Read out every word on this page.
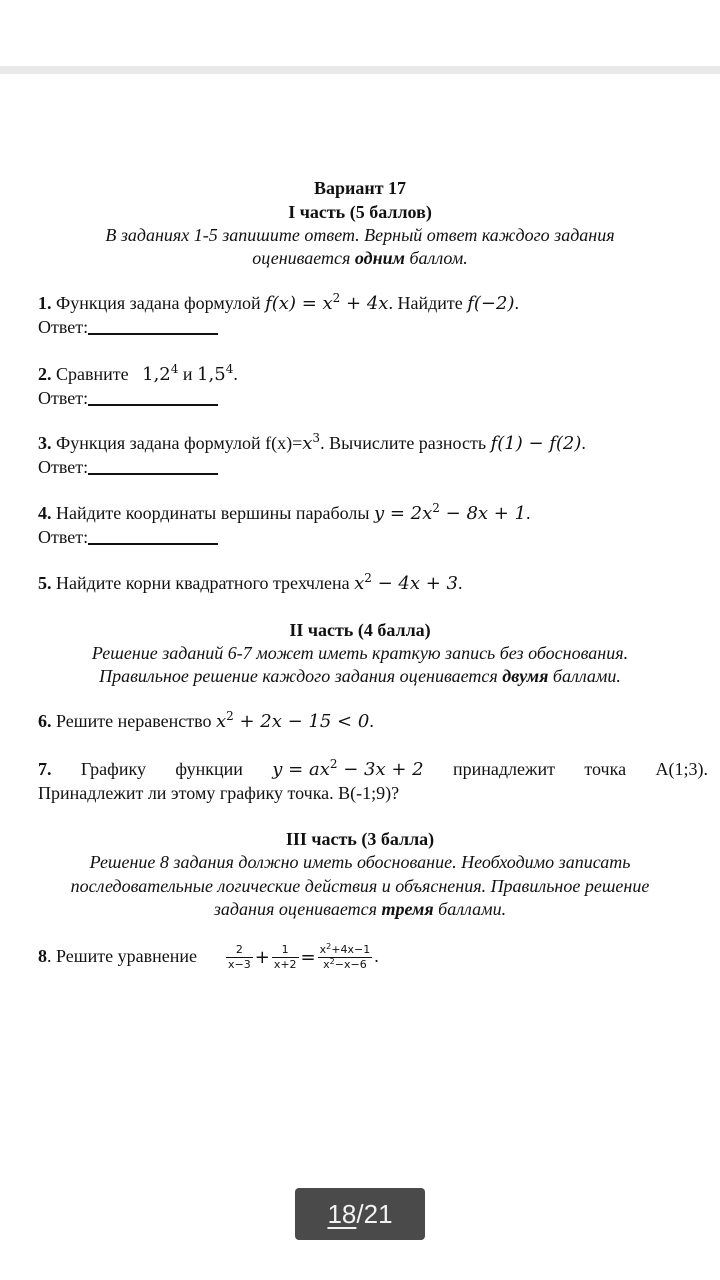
Вариант 17
I часть (5 баллов)
В заданиях 1-5 запишите ответ. Верный ответ каждого задания
оценивается одним баллом.
1. Функция задана формулой $f(x) = x^2 + 4x$. Найдите f(−2).
Ответ:
2. Сравните   $1,2^4$ и $1,5^4$.
Ответ:
3. Функция задана формулой $f(x)=x^3$. Вычислите разность f(1) − f(2).
Ответ:
4. Найдите координаты вершины параболы $y = 2x^2 - 8x + 1$.
Ответ:
5. Найдите корни квадратного трехчлена $x^2 - 4x + 3$.
II часть (4 балла)
Решение заданий 6-7 может иметь краткую запись без обоснования.
Правильное решение каждого задания оценивается двумя баллами.
6. Решите неравенство $x^2 + 2x - 15 < 0$.
7. Графику функции $y = ax^2 - 3x + 2$ принадлежит точка А(1;3).
Принадлежит ли этому графику точка. В(-1;9)?
III часть (3 балла)
Решение 8 задания должно иметь обоснование. Необходимо записать
последовательные логические действия и объяснения. Правильное решение
задания оценивается тремя баллами.
8. Решите уравнение	$\frac{2}{x-3} + \frac{1}{x+2} = \frac{x^2+4x-1}{x^2-x-6}$ .
18 / 21
